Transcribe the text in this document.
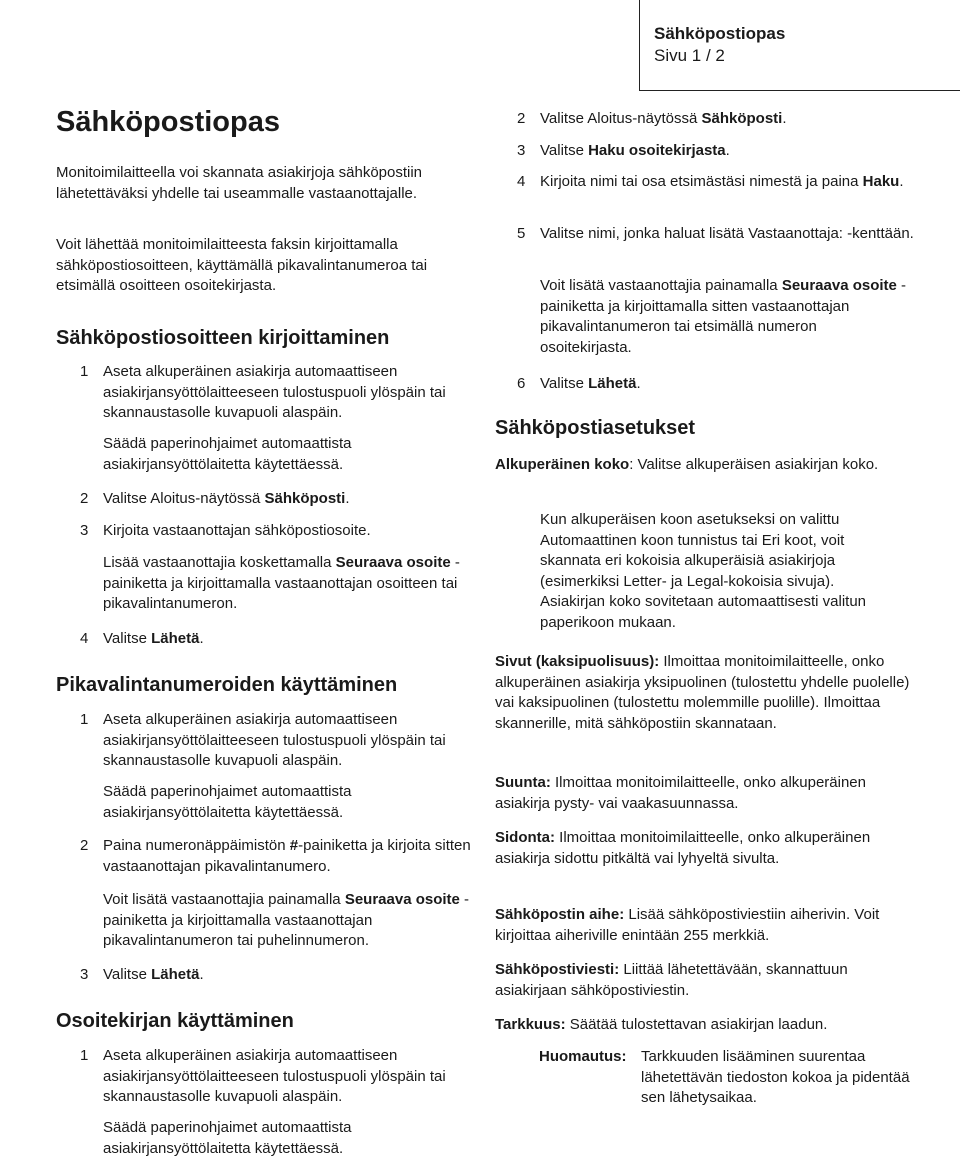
Sähköpostiopas
Sivu 1 / 2
Sähköpostiopas

Monitoimilaitteella voi skannata asiakirjoja sähköpostiin lähetettäväksi yhdelle tai useammalle vastaanottajalle.

Voit lähettää monitoimilaitteesta faksin kirjoittamalla sähköpostiosoitteen, käyttämällä pikavalintanumeroa tai etsimällä osoitteen osoitekirjasta.

Sähköpostiosoitteen kirjoittaminen
1 Aseta alkuperäinen asiakirja automaattiseen asiakirjansyöttölaitteeseen tulostuspuoli ylöspäin tai skannaustasolle kuvapuoli alaspäin.

Säädä paperinohjaimet automaattista asiakirjansyöttölaitetta käytettäessä.

2 Valitse Aloitus-näytössä Sähköposti.

3 Kirjoita vastaanottajan sähköpostiosoite.

Lisää vastaanottajia koskettamalla Seuraava osoite -painiketta ja kirjoittamalla vastaanottajan osoitteen tai pikavalintanumeron.

4 Valitse Lähetä.

Pikavalintanumeroiden käyttäminen
1 Aseta alkuperäinen asiakirja automaattiseen asiakirjansyöttölaitteeseen tulostuspuoli ylöspäin tai skannaustasolle kuvapuoli alaspäin.

Säädä paperinohjaimet automaattista asiakirjansyöttölaitetta käytettäessä.

2 Paina numeronäppäimistön #-painiketta ja kirjoita sitten vastaanottajan pikavalintanumero.

Voit lisätä vastaanottajia painamalla Seuraava osoite -painiketta ja kirjoittamalla vastaanottajan pikavalintanumeron tai puhelinnumeron.

3 Valitse Lähetä.

Osoitekirjan käyttäminen
1 Aseta alkuperäinen asiakirja automaattiseen asiakirjansyöttölaitteeseen tulostuspuoli ylöspäin tai skannaustasolle kuvapuoli alaspäin.

Säädä paperinohjaimet automaattista asiakirjansyöttölaitetta käytettäessä.

2 Valitse Aloitus-näytössä Sähköposti.

3 Valitse Haku osoitekirjasta.

4 Kirjoita nimi tai osa etsimästäsi nimestä ja paina Haku.

5 Valitse nimi, jonka haluat lisätä Vastaanottaja: -kenttään.

Voit lisätä vastaanottajia painamalla Seuraava osoite -painiketta ja kirjoittamalla sitten vastaanottajan pikavalintanumeron tai etsimällä numeron osoitekirjasta.

6 Valitse Lähetä.

Sähköpostiasetukset

Alkuperäinen koko: Valitse alkuperäisen asiakirjan koko.

Kun alkuperäisen koon asetukseksi on valittu Automaattinen koon tunnistus tai Eri koot, voit skannata eri kokoisia alkuperäisiä asiakirjoja (esimerkiksi Letter- ja Legal-kokoisia sivuja). Asiakirjan koko sovitetaan automaattisesti valitun paperikoon mukaan.

Sivut (kaksipuolisuus): Ilmoittaa monitoimilaitteelle, onko alkuperäinen asiakirja yksipuolinen (tulostettu yhdelle puolelle) vai kaksipuolinen (tulostettu molemmille puolille). Ilmoittaa skannerille, mitä sähköpostiin skannataan.

Suunta: Ilmoittaa monitoimilaitteelle, onko alkuperäinen asiakirja pysty- vai vaakasuunnassa.

Sidonta: Ilmoittaa monitoimilaitteelle, onko alkuperäinen asiakirja sidottu pitkältä vai lyhyeltä sivulta.

Sähköpostin aihe: Lisää sähköpostiviestiin aiherivin. Voit kirjoittaa aiheriville enintään 255 merkkiä.

Sähköpostiviesti: Liittää lähetettävään, skannattuun asiakirjaan sähköpostiviestin.

Tarkkuus: Säätää tulostettavan asiakirjan laadun.

Huomautus: Tarkkuuden lisääminen suurentaa lähetettävän tiedoston kokoa ja pidentää sen lähetysaikaa.
